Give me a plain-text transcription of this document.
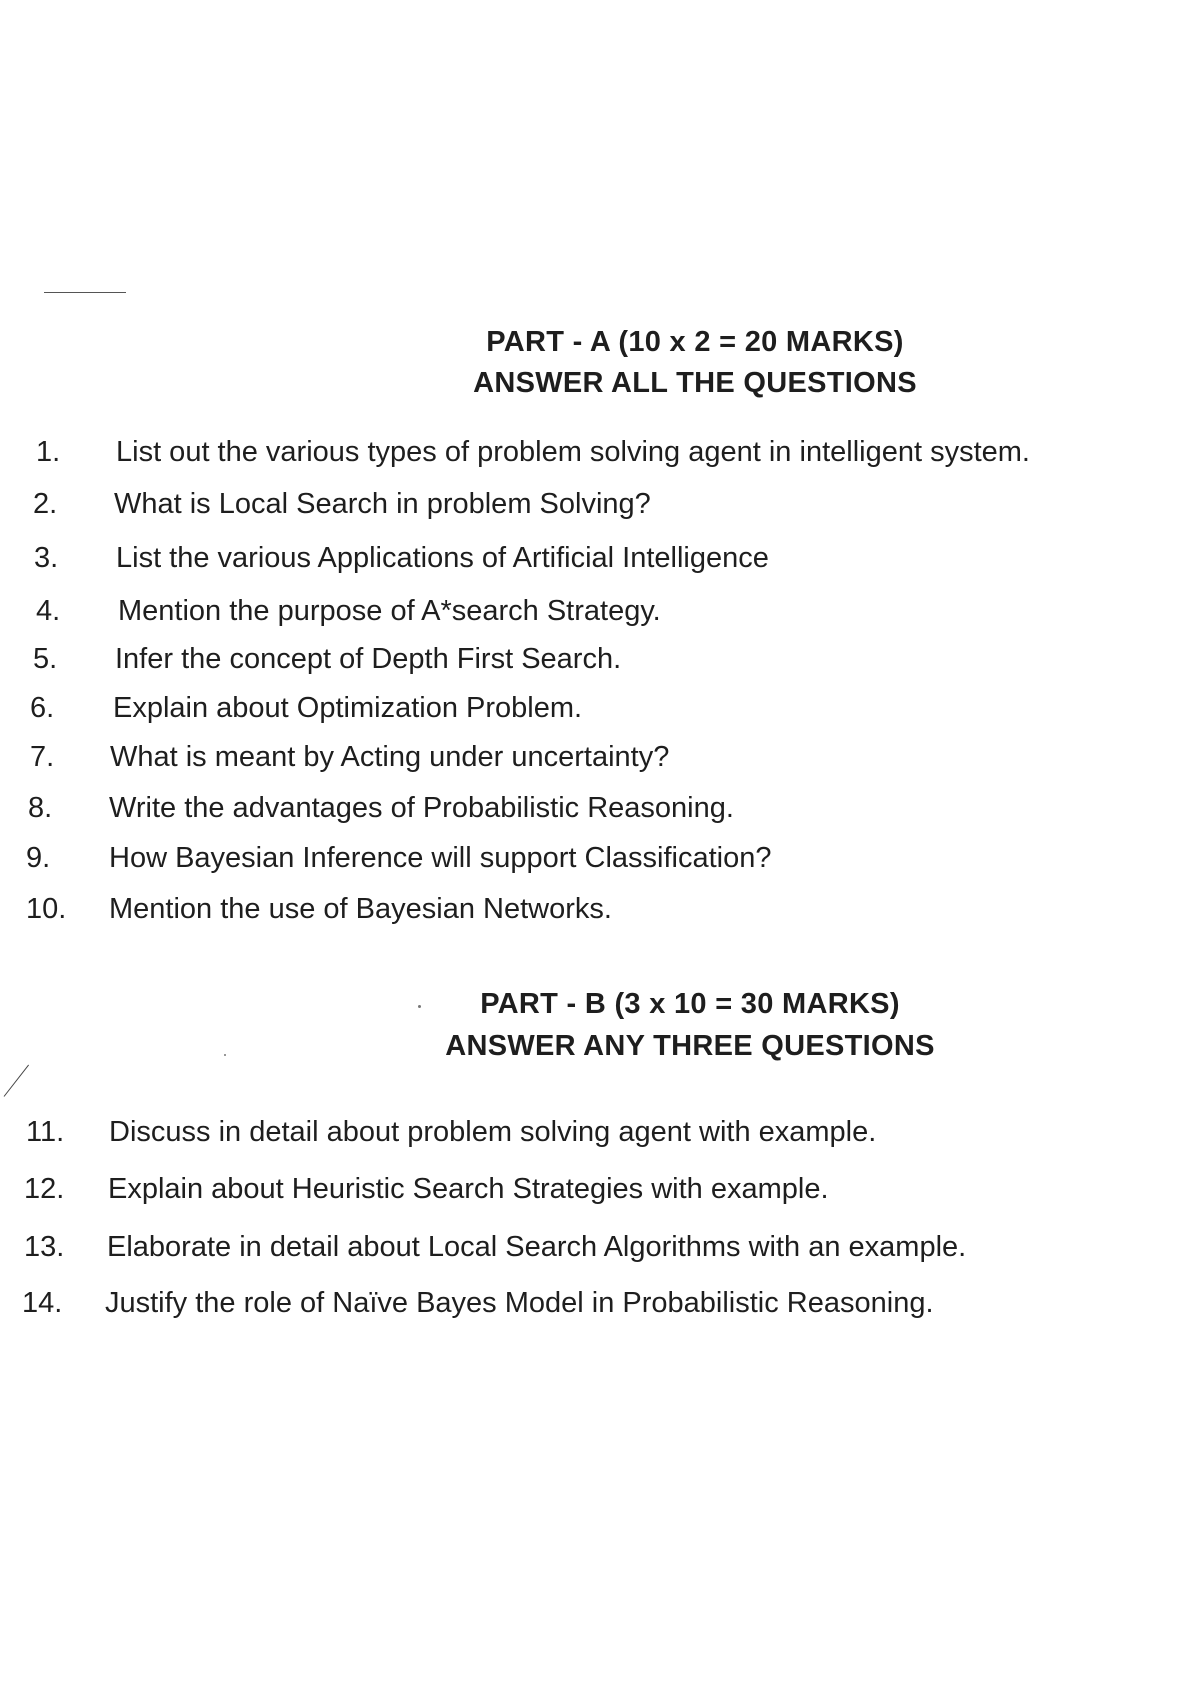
PART - A (10 x 2 = 20 MARKS)
ANSWER ALL THE QUESTIONS
1. List out the various types of problem solving agent in intelligent system.
2. What is Local Search in problem Solving?
3. List the various Applications of Artificial Intelligence
4. Mention the purpose of A*search Strategy.
5. Infer the concept of Depth First Search.
6. Explain about Optimization Problem.
7. What is meant by Acting under uncertainty?
8. Write the advantages of Probabilistic Reasoning.
9. How Bayesian Inference will support Classification?
10. Mention the use of Bayesian Networks.
PART - B (3 x 10 = 30 MARKS)
ANSWER ANY THREE QUESTIONS
11. Discuss in detail about problem solving agent with example.
12. Explain about Heuristic Search Strategies with example.
13. Elaborate in detail about Local Search Algorithms with an example.
14. Justify the role of Naïve Bayes Model in Probabilistic Reasoning.
